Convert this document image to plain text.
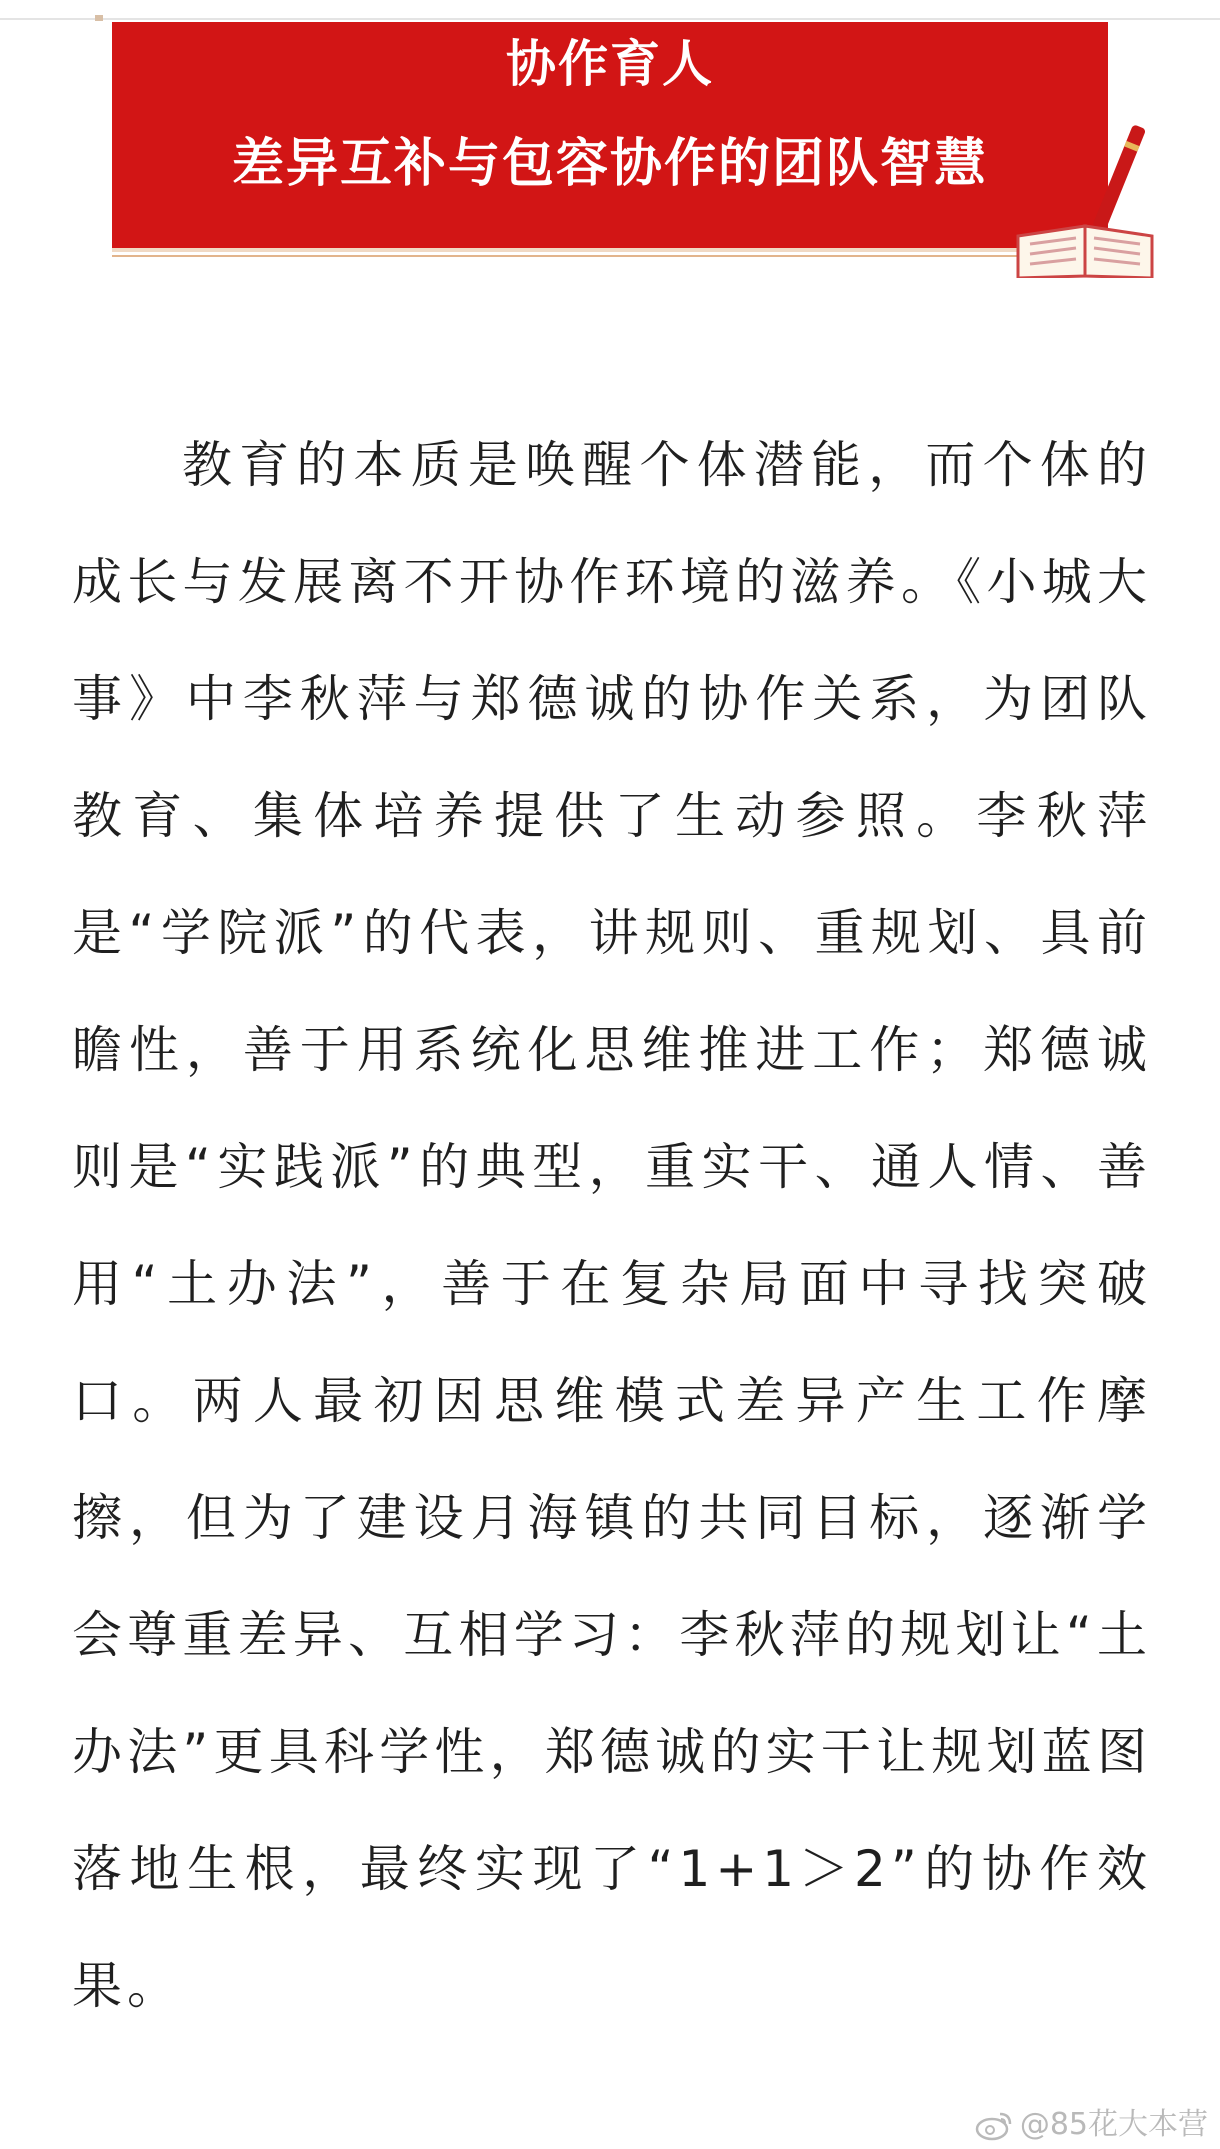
协作育人
差异互补与包容协作的团队智慧

教育的本质是唤醒个体潜能，而个体的成长与发展离不开协作环境的滋养。《小城大事》中李秋萍与郑德诚的协作关系，为团队教育、集体培养提供了生动参照。李秋萍是“学院派”的代表，讲规则、重规划、具前瞻性，善于用系统化思维推进工作；郑德诚则是“实践派”的典型，重实干、通人情、善用“土办法”，善于在复杂局面中寻找突破口。两人最初因思维模式差异产生工作摩擦，但为了建设月海镇的共同目标，逐渐学会尊重差异、互相学习：李秋萍的规划让“土办法”更具科学性，郑德诚的实干让规划蓝图落地生根，最终实现了“1+1＞2”的协作效果。

@85花大本营
